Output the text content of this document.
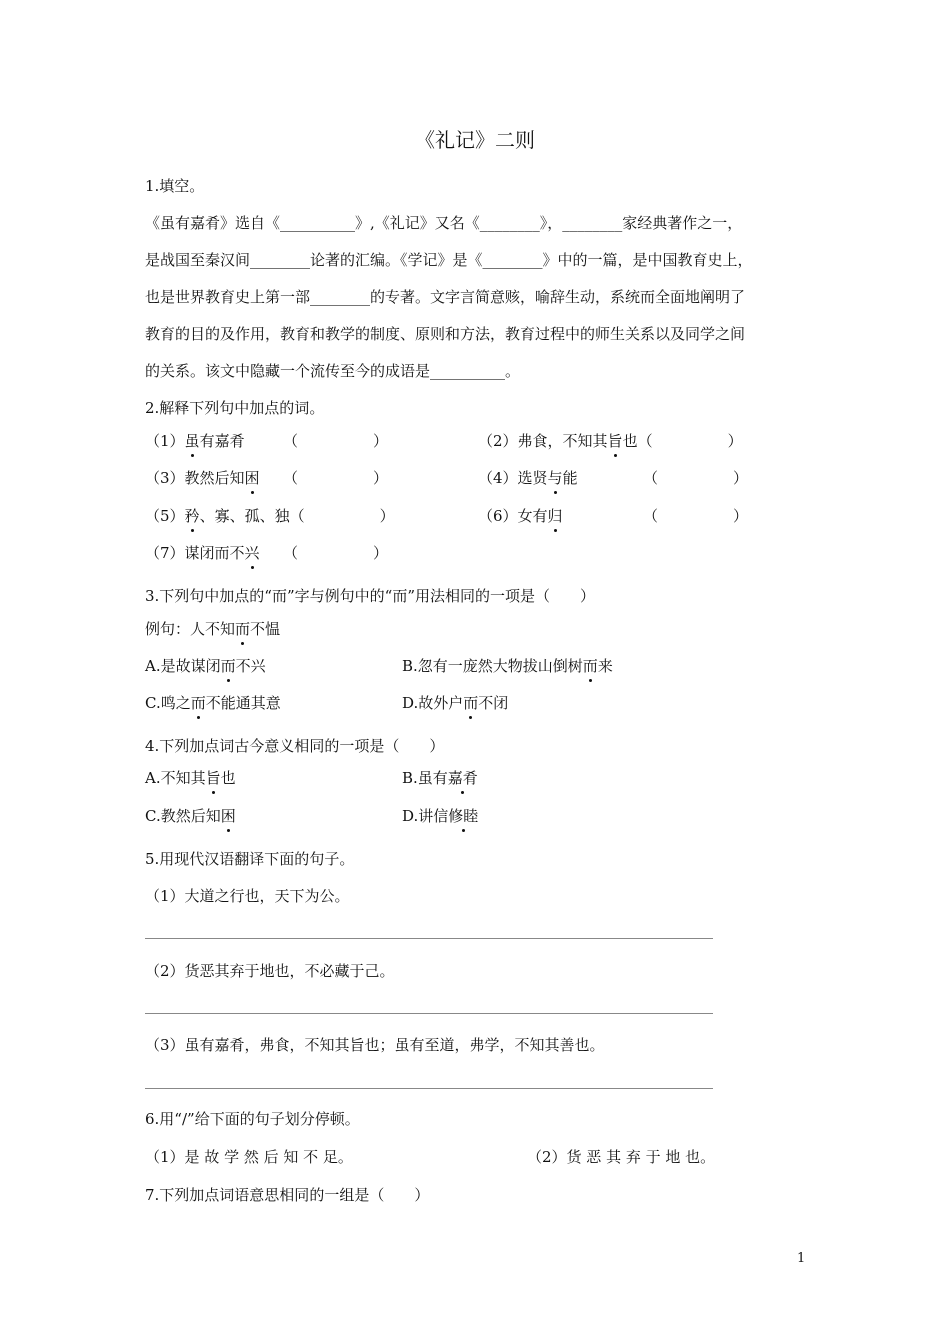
《礼记》二则
1.填空。
《虽有嘉肴》选自《__________》,《礼记》又名《________》，________家经典著作之一，
是战国至秦汉间________论著的汇编。《学记》是《________》中的一篇，是中国教育史上，
也是世界教育史上第一部________的专著。文字言简意赅，喻辞生动，系统而全面地阐明了
教育的目的及作用，教育和教学的制度、原则和方法，教育过程中的师生关系以及同学之间
的关系。该文中隐藏一个流传至今的成语是__________。
2.解释下列句中加点的词。
（1）虽有嘉肴	（　　　　　）	（2）弗食，不知其旨也（　　　　　）
（3）教然后知困 （　　　　　）	（4）选贤与能	（　　　　　）
（5）矜、寡、孤、独（　　　　　）	（6）女有归	（　　　　　）
（7）谋闭而不兴 （　　　　　）
3.下列句中加点的“而”字与例句中的“而”用法相同的一项是（　　）
例句：人不知而不愠
A.是故谋闭而不兴	B.忽有一庞然大物拔山倒树而来
C.鸣之而不能通其意	D.故外户而不闭
4.下列加点词古今意义相同的一项是（　　）
A.不知其旨也	B.虽有嘉肴
C.教然后知困	D.讲信修睦
5.用现代汉语翻译下面的句子。
（1）大道之行也，天下为公。
（2）货恶其弃于地也，不必藏于己。
（3）虽有嘉肴，弗食，不知其旨也；虽有至道，弗学，不知其善也。
6.用“/”给下面的句子划分停顿。
（1）是 故 学 然 后 知 不 足。	（2）货 恶 其 弃 于 地 也。
7.下列加点词语意思相同的一组是（　　）
1
